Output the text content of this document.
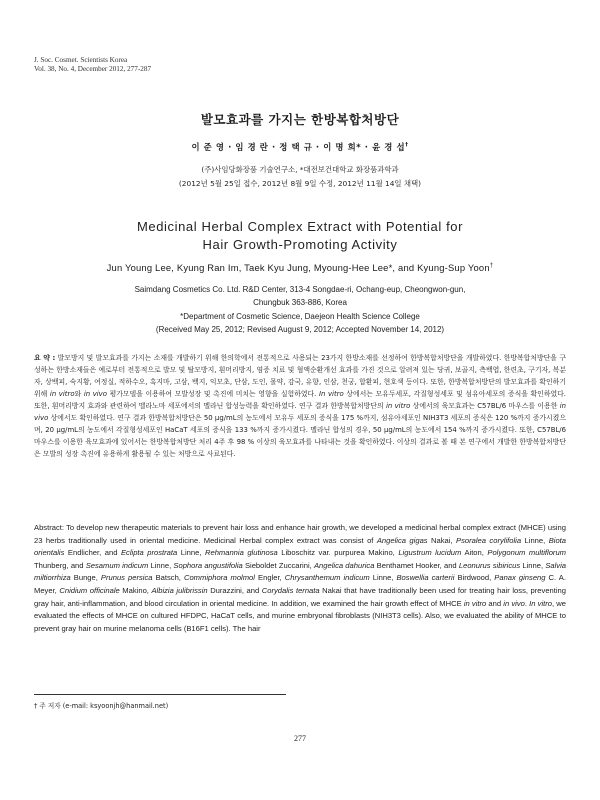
J. Soc. Cosmet. Scientists Korea
Vol. 38, No. 4, December 2012, 277-287
발모효과를 가지는 한방복합처방단
이 준 영 · 임 경 란 · 정 택 규 · 이 명 희* · 윤 경 섭†
(주)사임당화장품 기술연구소, *대전보건대학교 화장품과학과
(2012년 5월 25일 접수, 2012년 8월 9일 수정, 2012년 11월 14일 채택)
Medicinal Herbal Complex Extract with Potential for
Hair Growth-Promoting Activity
Jun Young Lee, Kyung Ran Im, Taek Kyu Jung, Myoung-Hee Lee*, and Kyung-Sup Yoon†
Saimdang Cosmetics Co. Ltd. R&D Center, 313-4 Songdae-ri, Ochang-eup, Cheongwon-gun,
Chungbuk 363-886, Korea
*Department of Cosmetic Science, Daejeon Health Science College
(Received May 25, 2012; Revised August 9, 2012; Accepted November 14, 2012)
요 약 : 발모방지 및 발모효과를 가지는 소재를 개발하기 위해 한의학에서 전통적으로 사용되는 23가지 한방소재를 선정하여 한방복합처방단을 개발하였다. 한방복합처방단을 구성하는 한방소재들은 예로부터 전통적으로 발모 및 탈모방지, 흰머리방지, 염증 치료 및 혈액순환개선 효과를 가진 것으로 알려져 있는 당귀, 보골지, 측백엽, 한련초, 구기자, 복분자, 상백피, 숙지황, 여정실, 적하수오, 흑지마, 고삼, 백지, 익모초, 단삼, 도인, 몰약, 감국, 유향, 인삼, 천궁, 합환피, 현호색 등이다. 또한, 한방복합처방단의 발모효과를 확인하기 위해 in vitro와 in vivo 평가모델을 이용하여 모발성장 및 촉진에 미치는 영향을 실험하였다. In vitro 상에서는 모유두세포, 각질형성세포 및 섬유아세포의 증식을 확인하였다. 또한, 흰머리방지 효과와 관련하여 멜라노마 세포에서의 멜라닌 합성능력을 확인하였다. 연구 결과 한방복합처방단의 in vitro 상에서의 육모효과는 C57BL/6 마우스를 이용한 in vivo 상에서도 확인하였다. 연구 결과 한방복합처방단은 50 μg/mL의 농도에서 모유두 세포의 증식을 175 %까지, 섬유아세포인 NIH3T3 세포의 증식은 120 %까지 증가시켰으며, 20 μg/mL의 농도에서 각질형성세포인 HaCaT 세포의 증식을 133 %까지 증가시켰다. 멜라닌 합성의 경우, 50 μg/mL의 농도에서 154 %까지 증가시켰다. 또한, C57BL/6 마우스를 이용한 육모효과에 있어서는 한방복합처방단 처리 4주 후 98 % 이상의 육모효과를 나타내는 것을 확인하였다. 이상의 결과로 볼 때 본 연구에서 개발한 한방복합처방단은 모발의 성장 촉진에 유용하게 활용될 수 있는 처방으로 사료된다.
Abstract: To develop new therapeutic materials to prevent hair loss and enhance hair growth, we developed a medicinal herbal complex extract (MHCE) using 23 herbs traditionally used in oriental medicine. Medicinal Herbal complex extract was consist of Angelica gigas Nakai, Psoralea corylifolia Linne, Biota orientalis Endlicher, and Eclipta prostrata Linne, Rehmannia glutinosa Liboschitz var. purpurea Makino, Ligustrum lucidum Aiton, Polygonum multiflorum Thunberg, and Sesamum indicum Linne, Sophora angustifolia Sieboldet Zuccarini, Angelica dahurica Benthamet Hooker, and Leonurus sibiricus Linne, Salvia miltiorrhiza Bunge, Prunus persica Batsch, Commiphora molmol Engler, Chrysanthemum indicum Linne, Boswellia carterii Birdwood, Panax ginseng C. A. Meyer, Cnidium officinale Makino, Albizia julibrissin Durazzini, and Corydalis ternata Nakai that have traditionally been used for treating hair loss, preventing gray hair, anti-inflammation, and blood circulation in oriental medicine. In addition, we examined the hair growth effect of MHCE in vitro and in vivo. In vitro, we evaluated the effects of MHCE on cultured HFDPC, HaCaT cells, and murine embryonal fibroblasts (NIH3T3 cells). Also, we evaluated the ability of MHCE to prevent gray hair on murine melanoma cells (B16F1 cells). The hair
† 주 저자 (e-mail: ksyoonjh@hanmail.net)
277
